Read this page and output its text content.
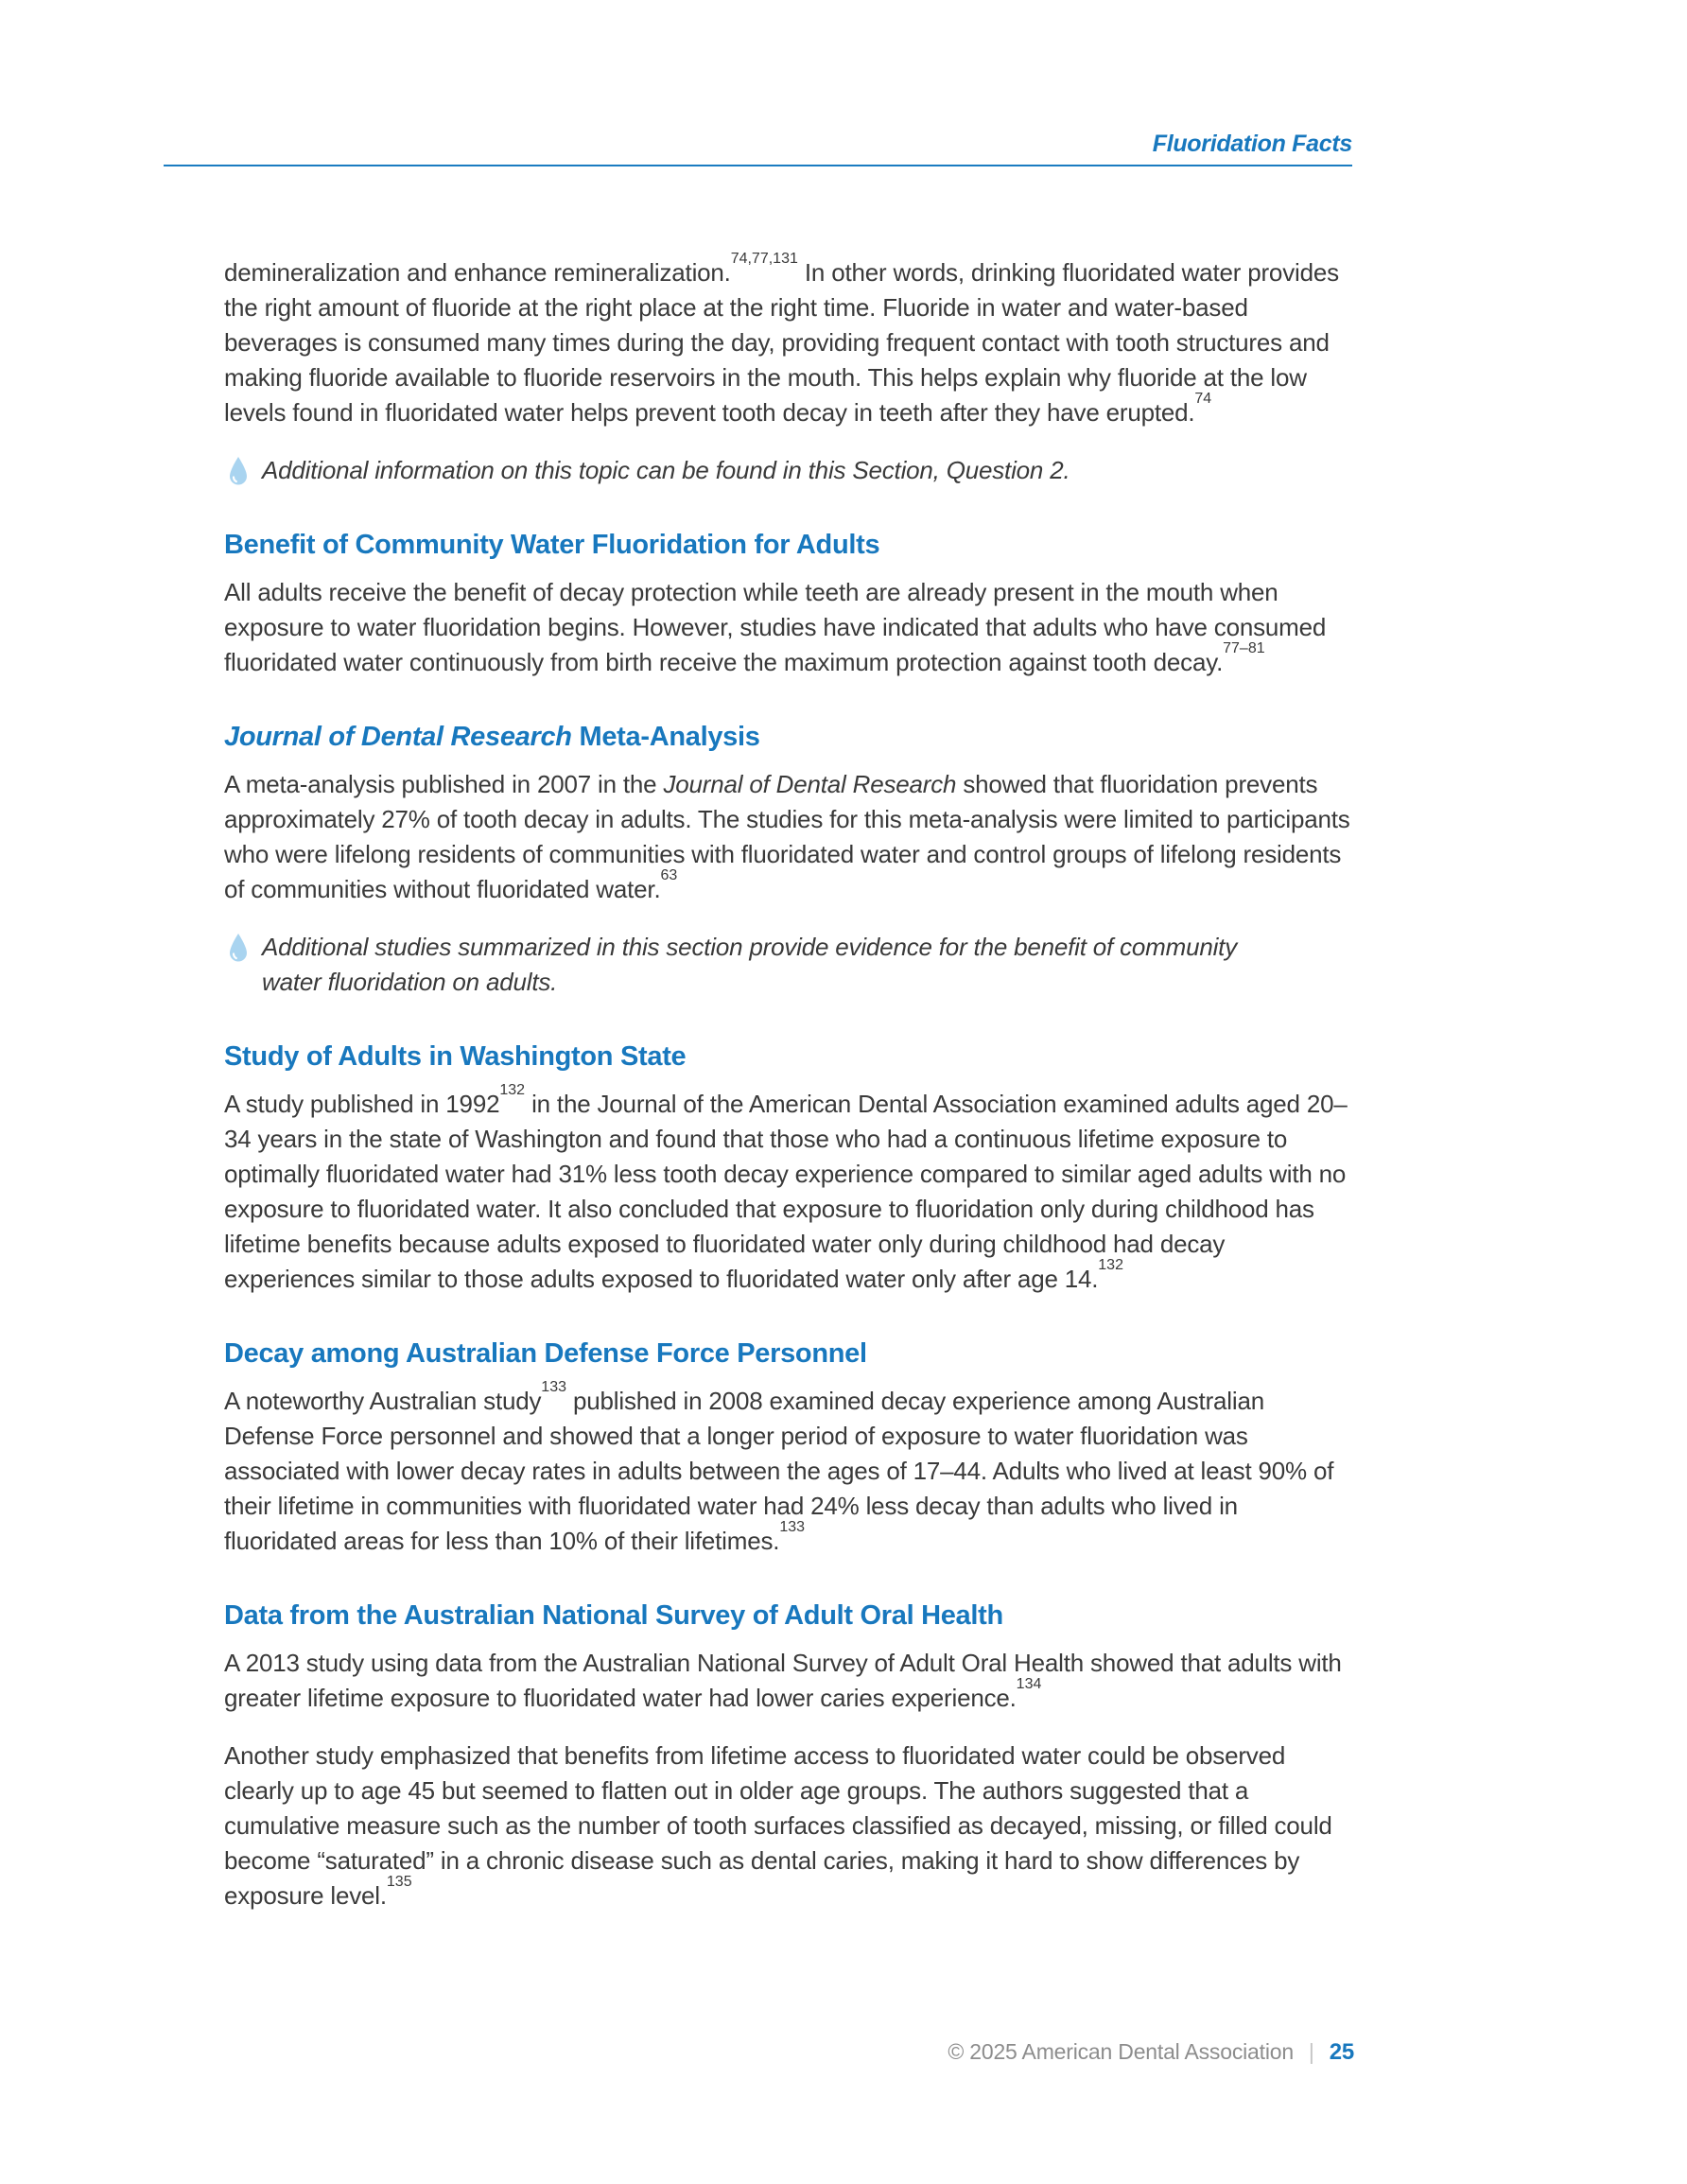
Fluoridation Facts

demineralization and enhance remineralization.$^{74,77,131}$ In other words, drinking fluoridated water provides the right amount of fluoride at the right place at the right time. Fluoride in water and water-based beverages is consumed many times during the day, providing frequent contact with tooth structures and making fluoride available to fluoride reservoirs in the mouth. This helps explain why fluoride at the low levels found in fluoridated water helps prevent tooth decay in teeth after they have erupted.$^{74}$

Additional information on this topic can be found in this Section, Question 2.
Benefit of Community Water Fluoridation for Adults

All adults receive the benefit of decay protection while teeth are already present in the mouth when exposure to water fluoridation begins. However, studies have indicated that adults who have consumed fluoridated water continuously from birth receive the maximum protection against tooth decay.$^{77-81}$

Journal of Dental Research Meta-Analysis

A meta-analysis published in 2007 in the Journal of Dental Research showed that fluoridation prevents approximately 27% of tooth decay in adults. The studies for this meta-analysis were limited to participants who were lifelong residents of communities with fluoridated water and control groups of lifelong residents of communities without fluoridated water.$^{63}$

Additional studies summarized in this section provide evidence for the benefit of community
water fluoridation on adults.
Study of Adults in Washington State

A study published in 1992$^{132}$ in the Journal of the American Dental Association examined adults aged 20–34 years in the state of Washington and found that those who had a continuous lifetime exposure to optimally fluoridated water had 31% less tooth decay experience compared to similar aged adults with no exposure to fluoridated water. It also concluded that exposure to fluoridation only during childhood has lifetime benefits because adults exposed to fluoridated water only during childhood had decay experiences similar to those adults exposed to fluoridated water only after age 14.$^{132}$

Decay among Australian Defense Force Personnel

A noteworthy Australian study$^{133}$ published in 2008 examined decay experience among Australian Defense Force personnel and showed that a longer period of exposure to water fluoridation was associated with lower decay rates in adults between the ages of 17–44. Adults who lived at least 90% of their lifetime in communities with fluoridated water had 24% less decay than adults who lived in fluoridated areas for less than 10% of their lifetimes.$^{133}$

Data from the Australian National Survey of Adult Oral Health

A 2013 study using data from the Australian National Survey of Adult Oral Health showed that adults with greater lifetime exposure to fluoridated water had lower caries experience.$^{134}$

Another study emphasized that benefits from lifetime access to fluoridated water could be observed clearly up to age 45 but seemed to flatten out in older age groups. The authors suggested that a cumulative measure such as the number of tooth surfaces classified as decayed, missing, or filled could become “saturated” in a chronic disease such as dental caries, making it hard to show differences by exposure level.$^{135}$

© 2025 American Dental Association | 25
